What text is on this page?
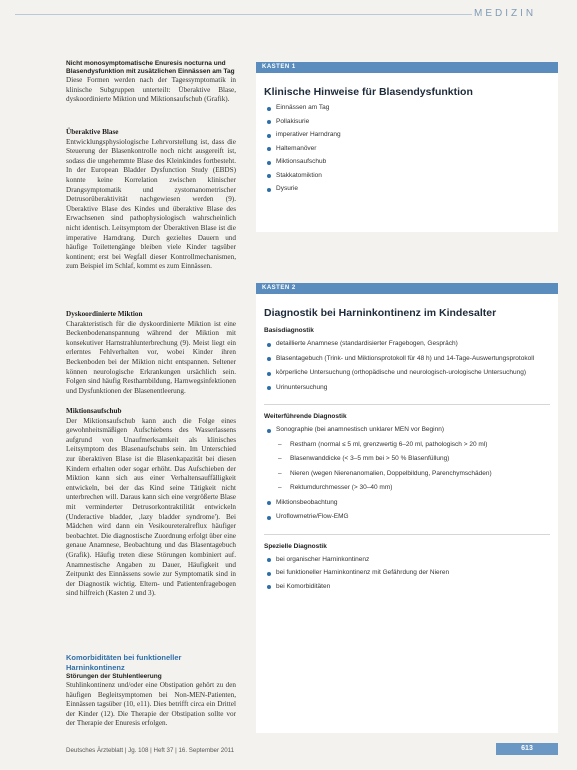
MEDIZIN

Nicht monosymptomatische Enuresis nocturna und Blasendysfunktion mit zusätzlichen Einnässen am Tag

Diese Formen werden nach der Tagessymptomatik in klinische Subgruppen unterteilt: Überaktive Blase, dyskoordinierte Miktion und Miktionsaufschub (Grafik).

Überaktive Blase

Entwicklungsphysiologische Lehrvorstellung ist, dass die Steuerung der Blasenkontrolle noch nicht ausgereift ist, sodass die ungehemmte Blase des Kleinkindes fortbesteht. In der European Bladder Dysfunction Study (EBDS) konnte keine Korrelation zwischen klinischer Drangsymptomatik und zystomanometrischer Detrusorüberaktivität nachgewiesen werden (9). Überaktive Blase des Kindes und überaktive Blase des Erwachsenen sind pathophysiologisch wahrscheinlich nicht identisch. Leitsymptom der Überaktiven Blase ist die imperative Harndrang. Durch gezieltes Dauern und häufige Toilettengänge bleiben viele Kinder tagsüber kontinent; erst bei Wegfall dieser Kontrollmechanismen, zum Beispiel im Schlaf, kommt es zum Einnässen.

Dyskoordinierte Miktion

Charakteristisch für die dyskoordinierte Miktion ist eine Beckenbodenanspannung während der Miktion mit konsekutiver Harnstrahlunterbrechung (9). Meist liegt ein erlerntes Fehlverhalten vor, wobei Kinder ihren Beckenboden bei der Miktion nicht entspannen. Seltener können neurologische Erkrankungen ursächlich sein. Folgen sind häufig Restharnbildung, Harnwegsinfektionen und Dysfunktionen der Blasenentleerung.

Miktionsaufschub

Der Miktionsaufschub kann auch die Folge eines gewohnheitsmäßigen Aufschiebens des Wasserlassens aufgrund von Unaufmerksamkeit als klinisches Leitsymptom des Blasenaufschubs sein. Im Unterschied zur überaktiven Blase ist die Blasenkapazität bei diesen Kindern erhalten oder sogar erhöht. Das Aufschieben der Miktion kann sich aus einer Verhaltensauffälligkeit entwickeln, bei der das Kind seine Tätigkeit nicht unterbrechen will. Daraus kann sich eine vergrößerte Blase mit verminderter Detrusorkontraktilität entwickeln (Underactive bladder, ‚lazy bladder syndrome'). Bei Mädchen wird dann ein Vesikoureteralreflux häufiger beobachtet. Die diagnostische Zuordnung erfolgt über eine genaue Anamnese, Beobachtung und das Blasentagebuch (Grafik). Häufig treten diese Störungen kombiniert auf. Anamnestische Angaben zu Dauer, Häufigkeit und Zeitpunkt des Einnässens sowie zur Symptomatik sind in der Diagnostik wichtig. Eltern- und Patientenfragebogen sind hilfreich (Kasten 2 und 3).

Komorbiditäten bei funktioneller Harninkontinenz

Störungen der Stuhlentleerung

Stuhlinkontinenz und/oder eine Obstipation gehört zu den häufigen Begleitsymptomen bei Non-MEN-Patienten, Einnässen tagsüber (10, e11). Dies betrifft circa ein Drittel der Kinder (12). Die Therapie der Obstipation sollte vor der Therapie der Enuresis erfolgen.

KASTEN 1

Klinische Hinweise für Blasendysfunktion

Einnässen am Tag

Pollakisurie

imperativer Harndrang

Haltemanöver

Miktionsaufschub

Stakkatomiktion

Dysurie

KASTEN 2

Diagnostik bei Harninkontinenz im Kindesalter

Basisdiagnostik

detaillierte Anamnese (standardisierter Fragebogen, Gespräch)

Blasentagebuch (Trink- und Miktionsprotokoll für 48 h) und 14-Tage-Auswertungsprotokoll

körperliche Untersuchung (orthopädische und neurologisch-urologische Untersuchung)

Urinuntersuchung

Weiterführende Diagnostik

Sonographie (bei anamnestisch unklarer MEN vor Beginn)

– Restharn (normal ≤ 5 ml, grenzwertig 6–20 ml, pathologisch > 20 ml)

– Blasenwanddicke (< 3–5 mm bei > 50 % Blasenfüllung)

– Nieren (wegen Nierenanomalien, Doppelbildung, Parenchymschäden)

– Rektumdurchmesser (> 30–40 mm)

Miktionsbeobachtung

Uroflowmetrie/Flow-EMG

Spezielle Diagnostik

bei organischer Harninkontinenz

bei funktioneller Harninkontinenz mit Gefährdung der Nieren

bei Komorbiditäten

Deutsches Ärzteblatt | Jg. 108 | Heft 37 | 16. September 2011	613
